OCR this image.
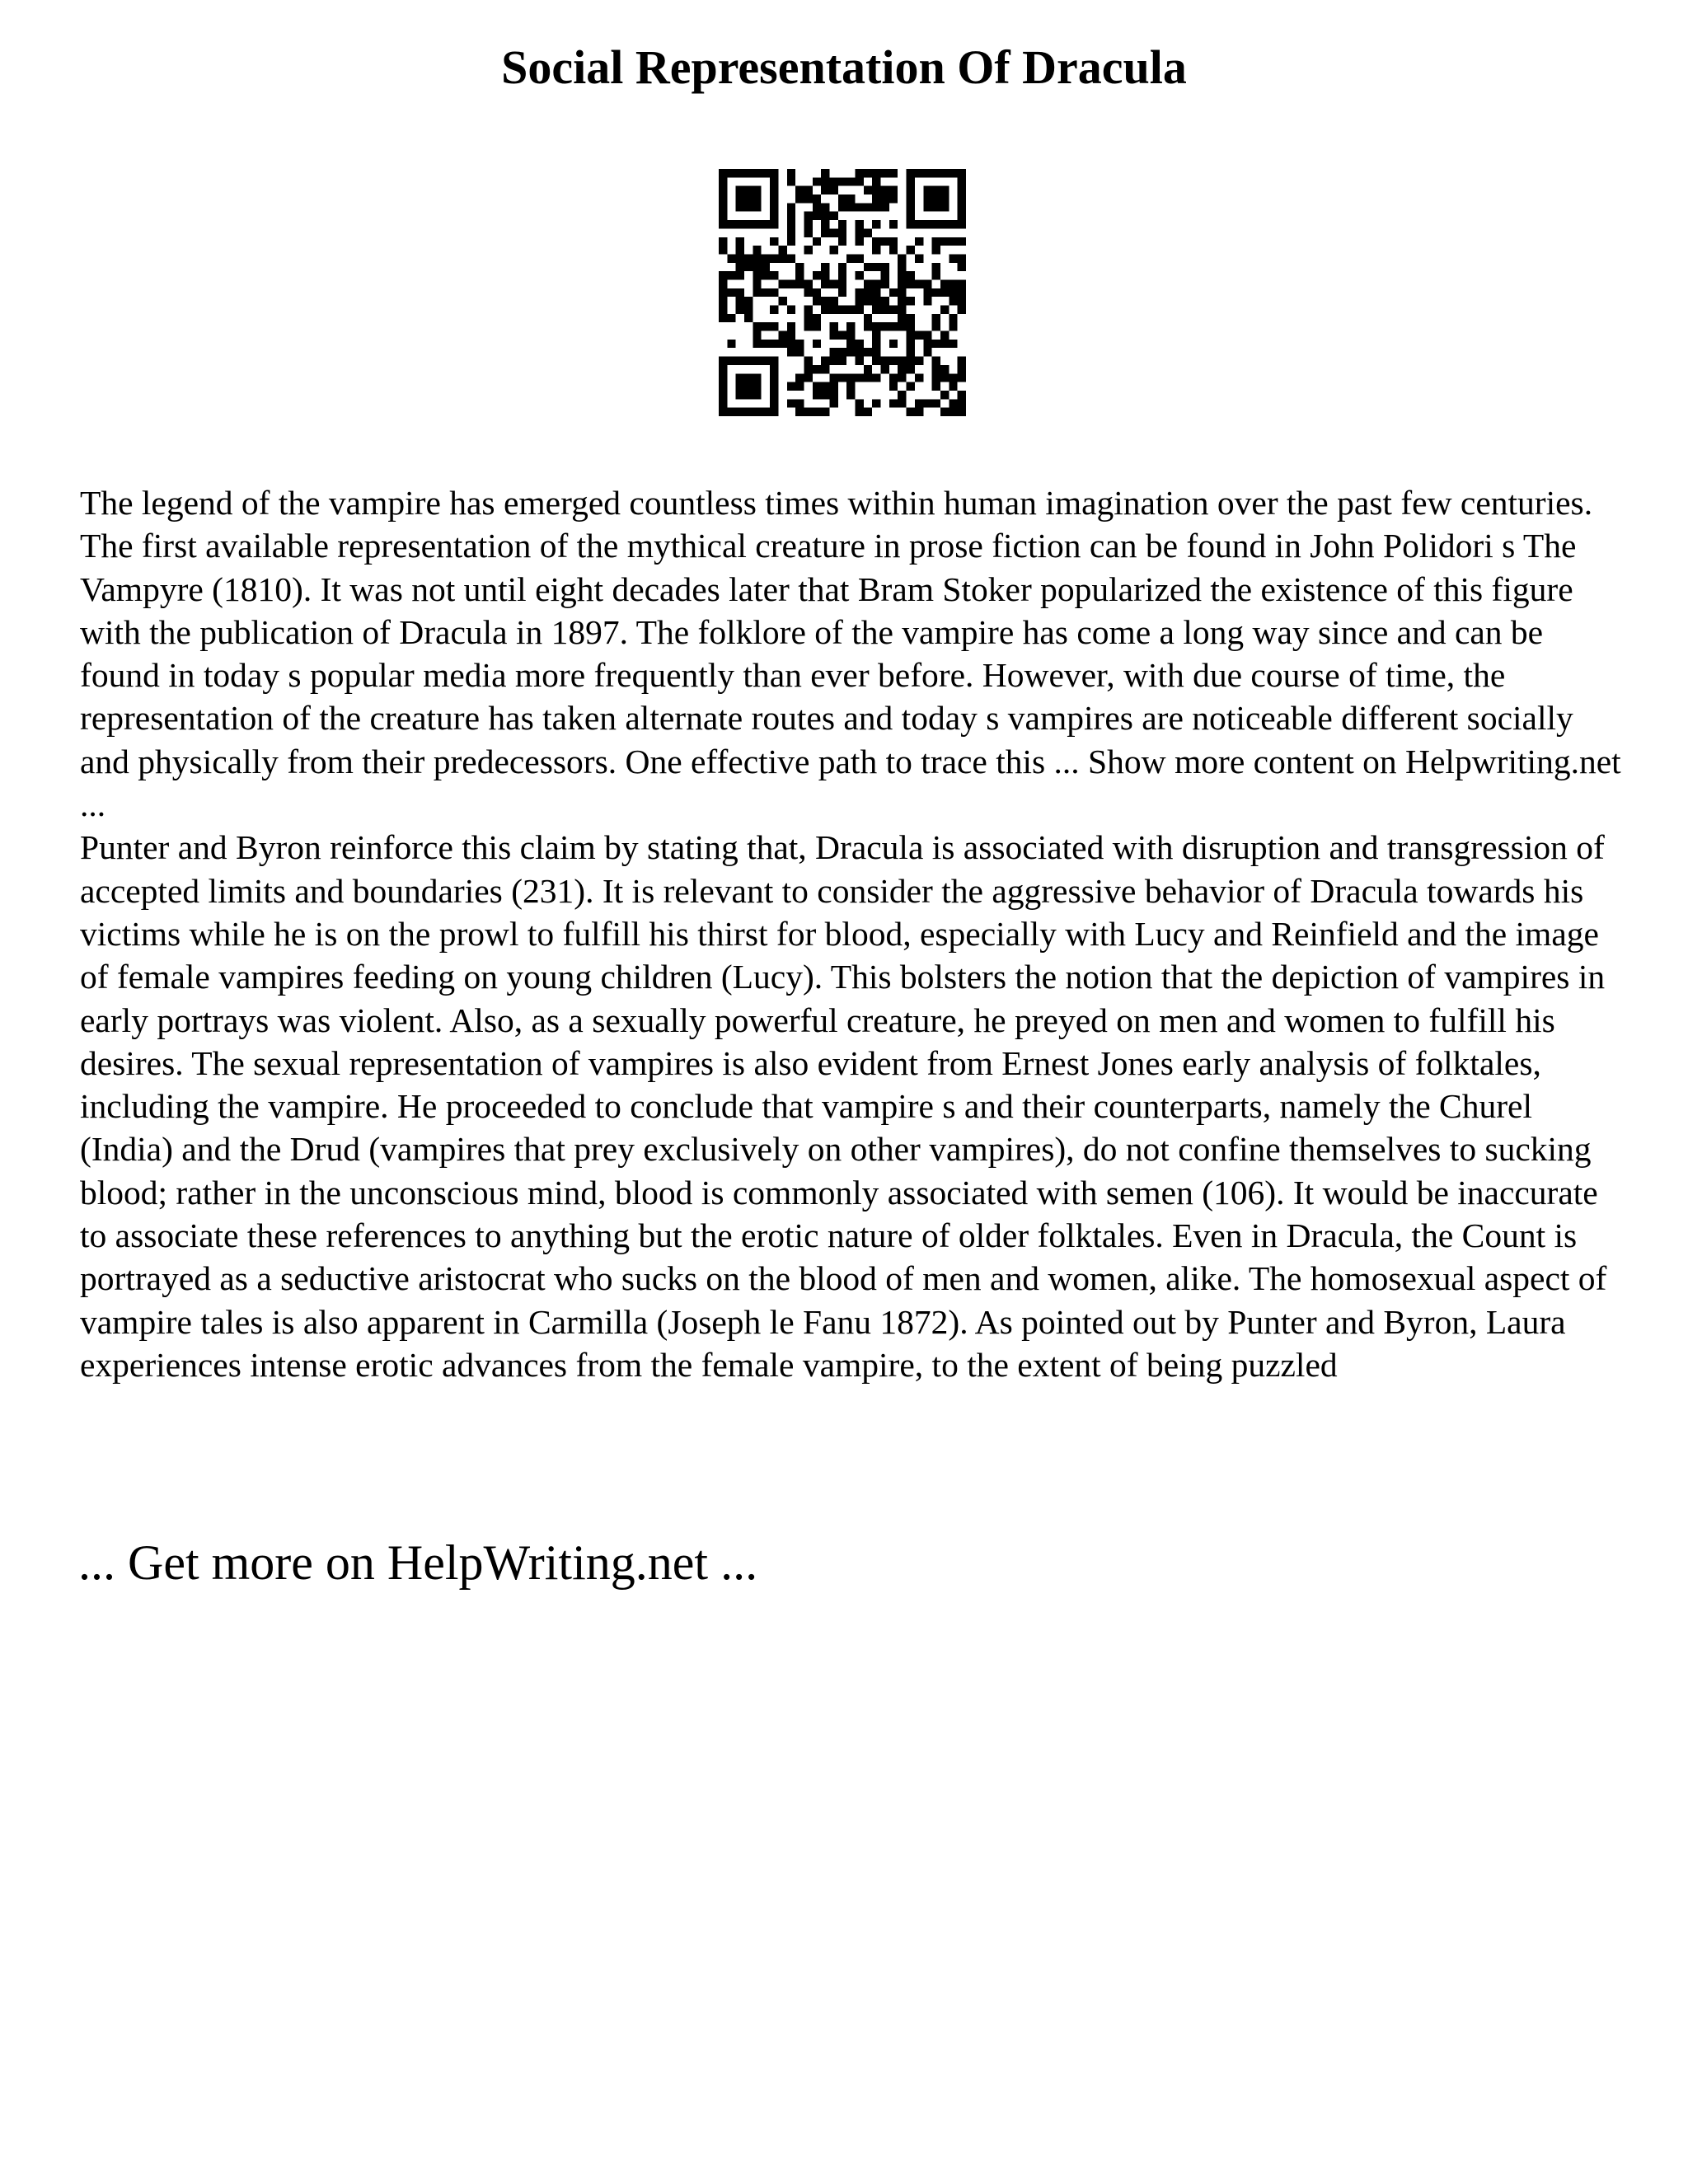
Social Representation Of Dracula

The legend of the vampire has emerged countless times within human imagination over the past few centuries. The first available representation of the mythical creature in prose fiction can be found in John Polidori s The Vampyre (1810). It was not until eight decades later that Bram Stoker popularized the existence of this figure with the publication of Dracula in 1897. The folklore of the vampire has come a long way since and can be found in today s popular media more frequently than ever before. However, with due course of time, the representation of the creature has taken alternate routes and today s vampires are noticeable different socially and physically from their predecessors. One effective path to trace this ... Show more content on Helpwriting.net ...

Punter and Byron reinforce this claim by stating that, Dracula is associated with disruption and transgression of accepted limits and boundaries (231). It is relevant to consider the aggressive behavior of Dracula towards his victims while he is on the prowl to fulfill his thirst for blood, especially with Lucy and Reinfield and the image of female vampires feeding on young children (Lucy). This bolsters the notion that the depiction of vampires in early portrays was violent. Also, as a sexually powerful creature, he preyed on men and women to fulfill his desires. The sexual representation of vampires is also evident from Ernest Jones early analysis of folktales, including the vampire. He proceeded to conclude that vampire s and their counterparts, namely the Churel (India) and the Drud (vampires that prey exclusively on other vampires), do not confine themselves to sucking blood; rather in the unconscious mind, blood is commonly associated with semen (106). It would be inaccurate to associate these references to anything but the erotic nature of older folktales. Even in Dracula, the Count is portrayed as a seductive aristocrat who sucks on the blood of men and women, alike. The homosexual aspect of vampire tales is also apparent in Carmilla (Joseph le Fanu 1872). As pointed out by Punter and Byron, Laura experiences intense erotic advances from the female vampire, to the extent of being puzzled

... Get more on HelpWriting.net ...
